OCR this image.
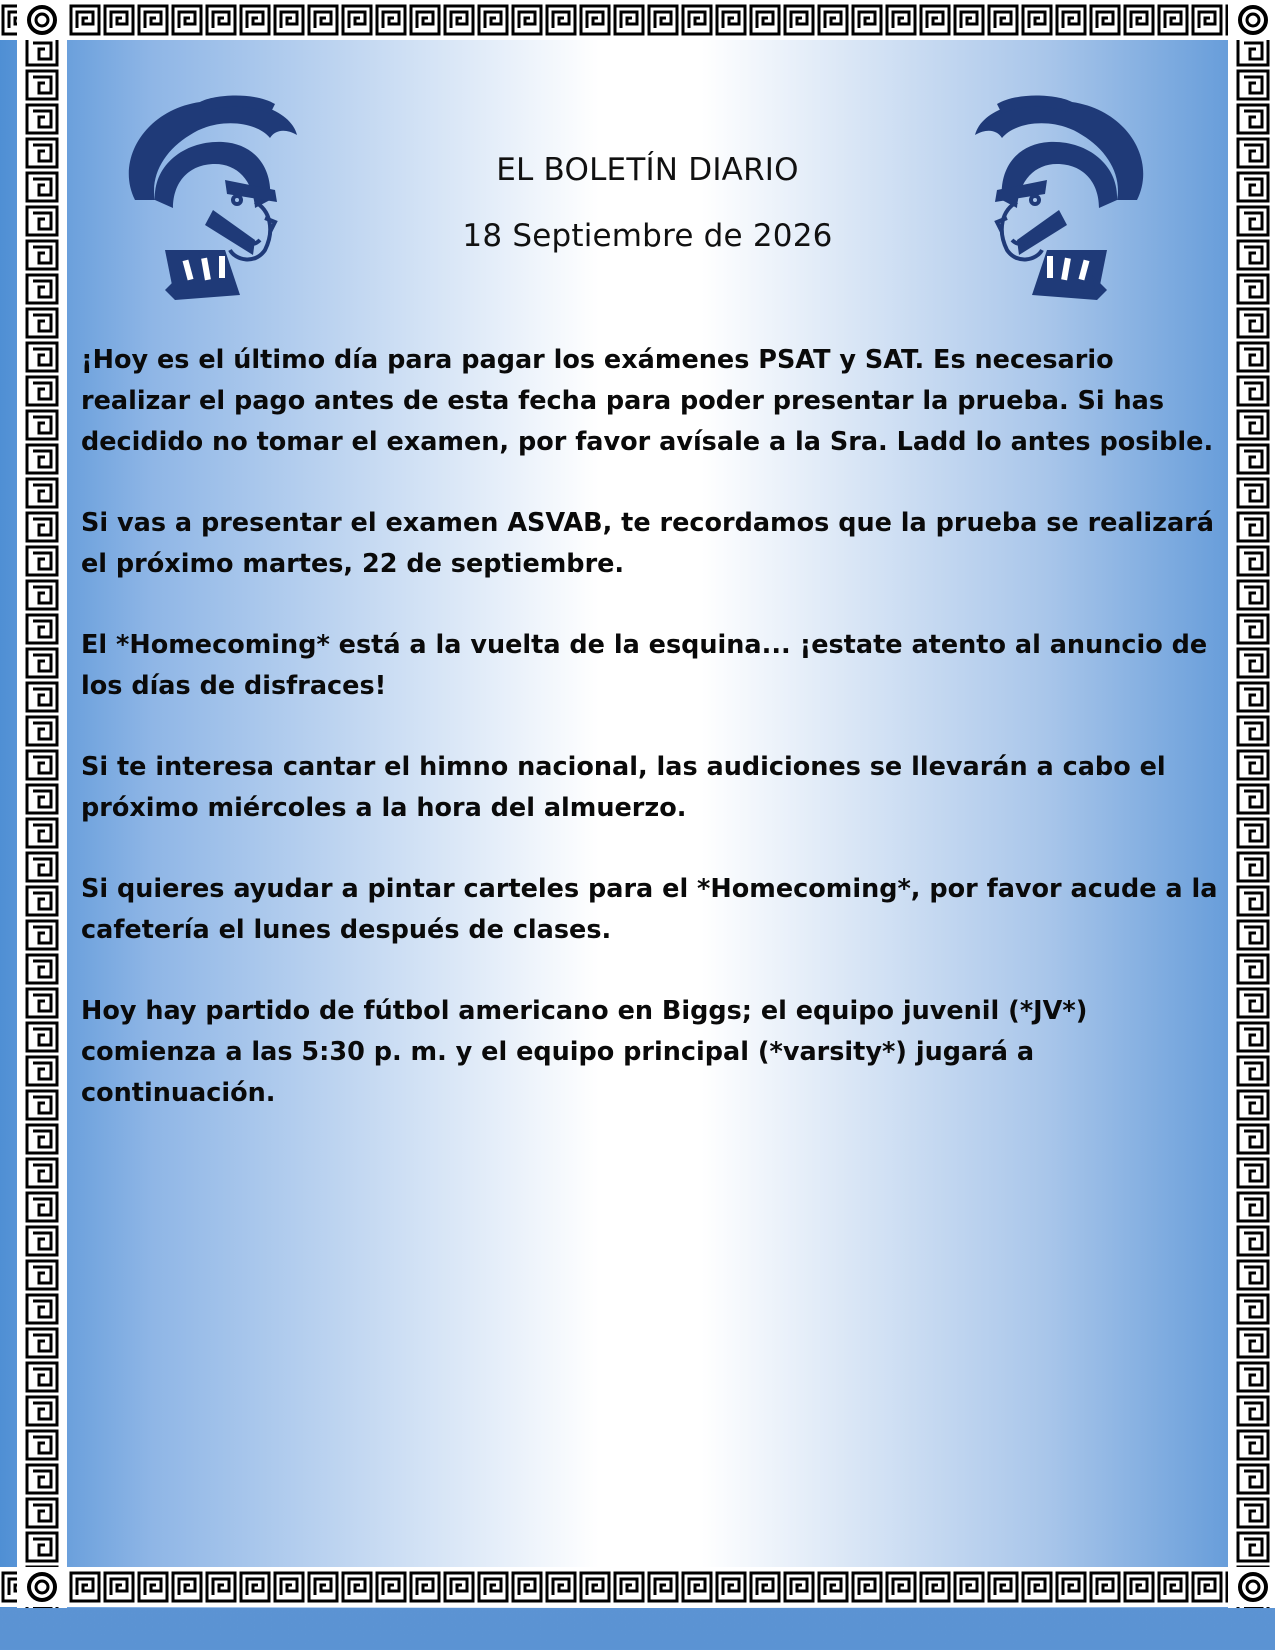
EL BOLETÍN DIARIO
18 Septiembre de 2026

¡Hoy es el último día para pagar los exámenes PSAT y SAT. Es necesario realizar el pago antes de esta fecha para poder presentar la prueba. Si has decidido no tomar el examen, por favor avísale a la Sra. Ladd lo antes posible.

Si vas a presentar el examen ASVAB, te recordamos que la prueba se realizará el próximo martes, 22 de septiembre.

El *Homecoming* está a la vuelta de la esquina... ¡estate atento al anuncio de los días de disfraces!

Si te interesa cantar el himno nacional, las audiciones se llevarán a cabo el próximo miércoles a la hora del almuerzo.

Si quieres ayudar a pintar carteles para el *Homecoming*, por favor acude a la cafetería el lunes después de clases.

Hoy hay partido de fútbol americano en Biggs; el equipo juvenil (*JV*) comienza a las 5:30 p. m. y el equipo principal (*varsity*) jugará a continuación.
